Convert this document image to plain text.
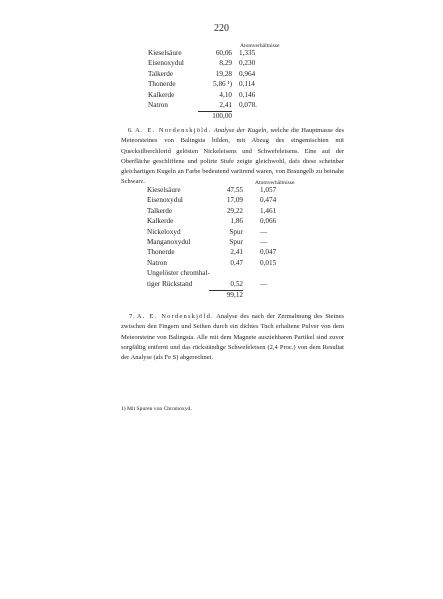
220
Atomverhältnisse
Kieselsäure	60,06 1,335
Eisenoxydul	8,29 0,230
Talkerde	19,28 0,964
Thonerde	5,86 ¹) 0,114
Kalkerde	4,10 0,146
Natron	2,41 0,078.
100,00

6. A. E. Nordenskjöld. Analyse der Kugeln, welche die Hauptmasse des Meteorsteines von Balingsta bilden, mit Abzug des eingemischten mit Quecksilberchlorid gelösten Nickeleisens und Schwefeleisens. Eine auf der Oberfläche geschliffene und polirte Stufe zeigte gleichwohl, dafs diese scheinbar gleichartigen Kugeln an Farbe bedeutend variirend waren, von Braungelb zu beinahe Schwarz.	Atomverhältnisse
Kieselsäure	47,55 1,057
Eisenoxydul	17,09 0,474
Talkerde	29,22 1,461
Kalkerde	1,86 0,066
Nickeloxyd	Spur —
Manganoxydul	Spur —
Thonerde	2,41 0,047
Natron	0,47 0,015
Ungelöster chromhal-
tiger Rückstand	0,52 —
99,12

7. A. E. Nordenskjöld. Analyse des nach der Zermalmung des Steines zwischen den Fingern und Seihen durch ein dichtes Tuch erhaltene Pulver von dem Meteorsteine von Balingsta. Alle mit dem Magnete ausziehbaren Partikel sind zuvor sorgfältig entfernt und das rückständige Schwefeleisen (2,4 Proc.) von dem Resultat der Analyse (als Fe S) abgerechnet.

1) Mit Spuren von Chromoxyd.
